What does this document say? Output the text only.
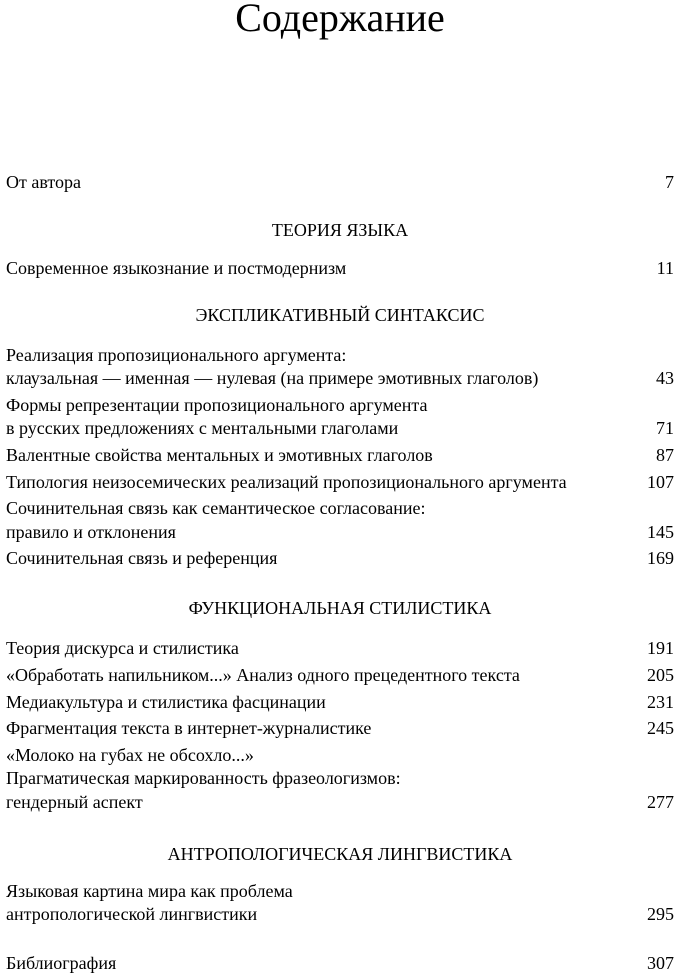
Содержание
От автора	7
ТЕОРИЯ ЯЗЫКА
Современное языкознание и постмодернизм	11
ЭКСПЛИКАТИВНЫЙ СИНТАКСИС
Реализация пропозиционального аргумента:
клаузальная — именная — нулевая (на примере эмотивных глаголов)	43
Формы репрезентации пропозиционального аргумента
в русских предложениях с ментальными глаголами	71
Валентные свойства ментальных и эмотивных глаголов	87
Типология неизосемических реализаций пропозиционального аргумента	107
Сочинительная связь как семантическое согласование:
правило и отклонения	145
Сочинительная связь и референция	169
ФУНКЦИОНАЛЬНАЯ СТИЛИСТИКА
Теория дискурса и стилистика	191
«Обработать напильником...» Анализ одного прецедентного текста	205
Медиакультура и стилистика фасцинации	231
Фрагментация текста в интернет-журналистике	245
«Молоко на губах не обсохло...»
Прагматическая маркированность фразеологизмов:
гендерный аспект	277
АНТРОПОЛОГИЧЕСКАЯ ЛИНГВИСТИКА
Языковая картина мира как проблема
антропологической лингвистики	295
Библиография	307
